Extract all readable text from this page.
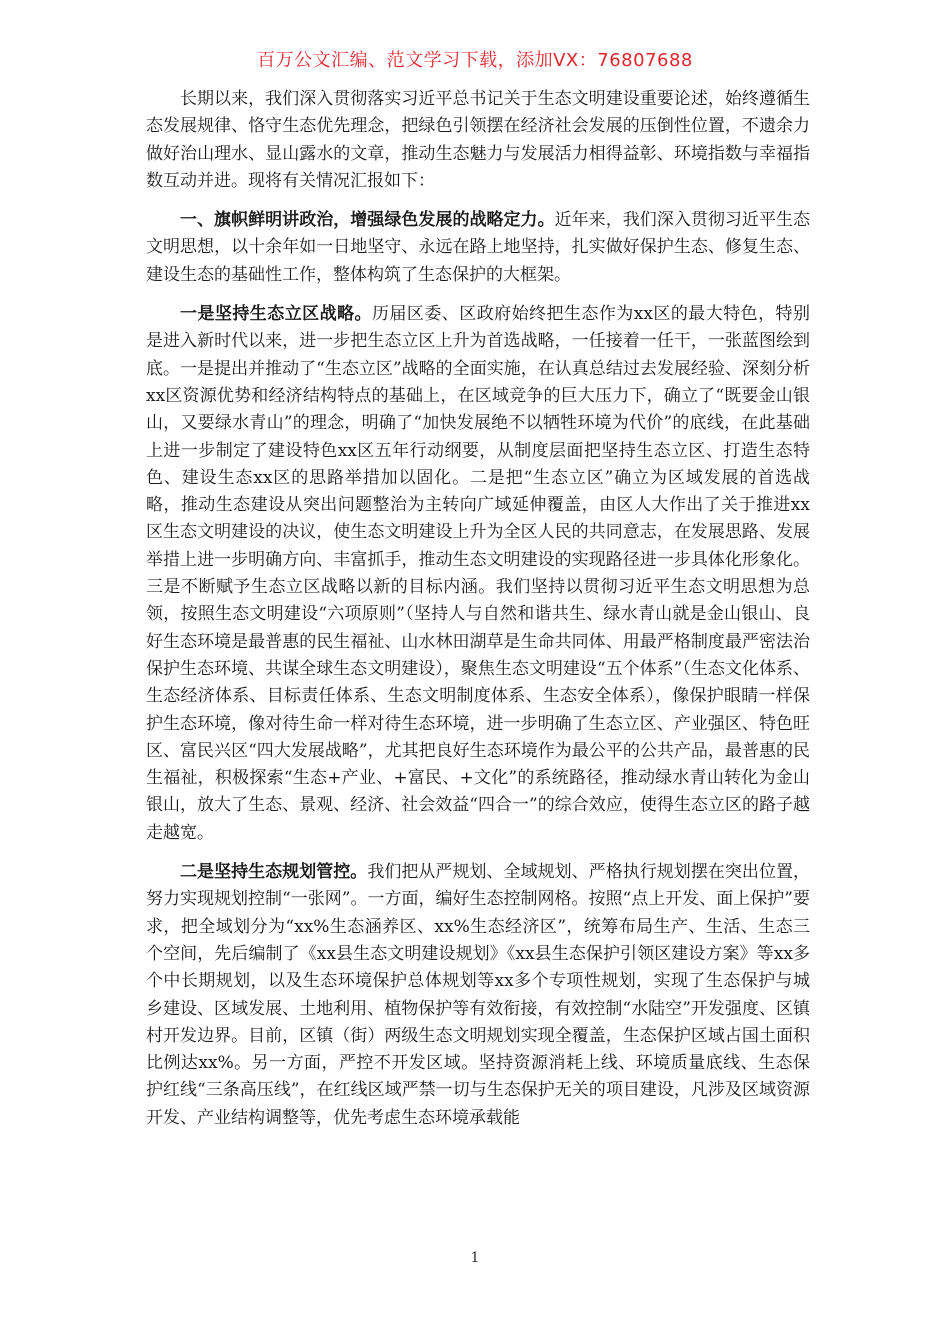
百万公文汇编、范文学习下载，添加VX：76807688

长期以来，我们深入贯彻落实习近平总书记关于生态文明建设重要论述，始终遵循生态发展规律、恪守生态优先理念，把绿色引领摆在经济社会发展的压倒性位置，不遗余力做好治山理水、显山露水的文章，推动生态魅力与发展活力相得益彰、环境指数与幸福指数互动并进。现将有关情况汇报如下：

一、旗帜鲜明讲政治，增强绿色发展的战略定力。近年来，我们深入贯彻习近平生态文明思想，以十余年如一日地坚守、永远在路上地坚持，扎实做好保护生态、修复生态、建设生态的基础性工作，整体构筑了生态保护的大框架。

一是坚持生态立区战略。历届区委、区政府始终把生态作为xx区的最大特色，特别是进入新时代以来，进一步把生态立区上升为首选战略，一任接着一任干，一张蓝图绘到底。一是提出并推动了“生态立区”战略的全面实施，在认真总结过去发展经验、深刻分析xx区资源优势和经济结构特点的基础上，在区域竞争的巨大压力下，确立了“既要金山银山，又要绿水青山”的理念，明确了“加快发展绝不以牺牲环境为代价”的底线，在此基础上进一步制定了建设特色xx区五年行动纲要，从制度层面把坚持生态立区、打造生态特色、建设生态xx区的思路举措加以固化。二是把“生态立区”确立为区域发展的首选战略，推动生态建设从突出问题整治为主转向广域延伸覆盖，由区人大作出了关于推进xx区生态文明建设的决议，使生态文明建设上升为全区人民的共同意志，在发展思路、发展举措上进一步明确方向、丰富抓手，推动生态文明建设的实现路径进一步具体化形象化。三是不断赋予生态立区战略以新的目标内涵。我们坚持以贯彻习近平生态文明思想为总领，按照生态文明建设“六项原则”（坚持人与自然和谐共生、绿水青山就是金山银山、良好生态环境是最普惠的民生福祉、山水林田湖草是生命共同体、用最严格制度最严密法治保护生态环境、共谋全球生态文明建设），聚焦生态文明建设“五个体系”（生态文化体系、生态经济体系、目标责任体系、生态文明制度体系、生态安全体系），像保护眼睛一样保护生态环境，像对待生命一样对待生态环境，进一步明确了生态立区、产业强区、特色旺区、富民兴区“四大发展战略”，尤其把良好生态环境作为最公平的公共产品，最普惠的民生福祉，积极探索“生态+产业、+富民、+文化”的系统路径，推动绿水青山转化为金山银山，放大了生态、景观、经济、社会效益“四合一”的综合效应，使得生态立区的路子越走越宽。

二是坚持生态规划管控。我们把从严规划、全域规划、严格执行规划摆在突出位置，努力实现规划控制“一张网”。一方面，编好生态控制网格。按照“点上开发、面上保护”要求，把全域划分为“xx%生态涵养区、xx%生态经济区”，统筹布局生产、生活、生态三个空间，先后编制了《xx县生态文明建设规划》《xx县生态保护引领区建设方案》等xx多个中长期规划，以及生态环境保护总体规划等xx多个专项性规划，实现了生态保护与城乡建设、区域发展、土地利用、植物保护等有效衔接，有效控制“水陆空”开发强度、区镇村开发边界。目前，区镇（街）两级生态文明规划实现全覆盖，生态保护区域占国土面积比例达xx%。另一方面，严控不开发区域。坚持资源消耗上线、环境质量底线、生态保护红线“三条高压线”，在红线区域严禁一切与生态保护无关的项目建设，凡涉及区域资源开发、产业结构调整等，优先考虑生态环境承载能

1
